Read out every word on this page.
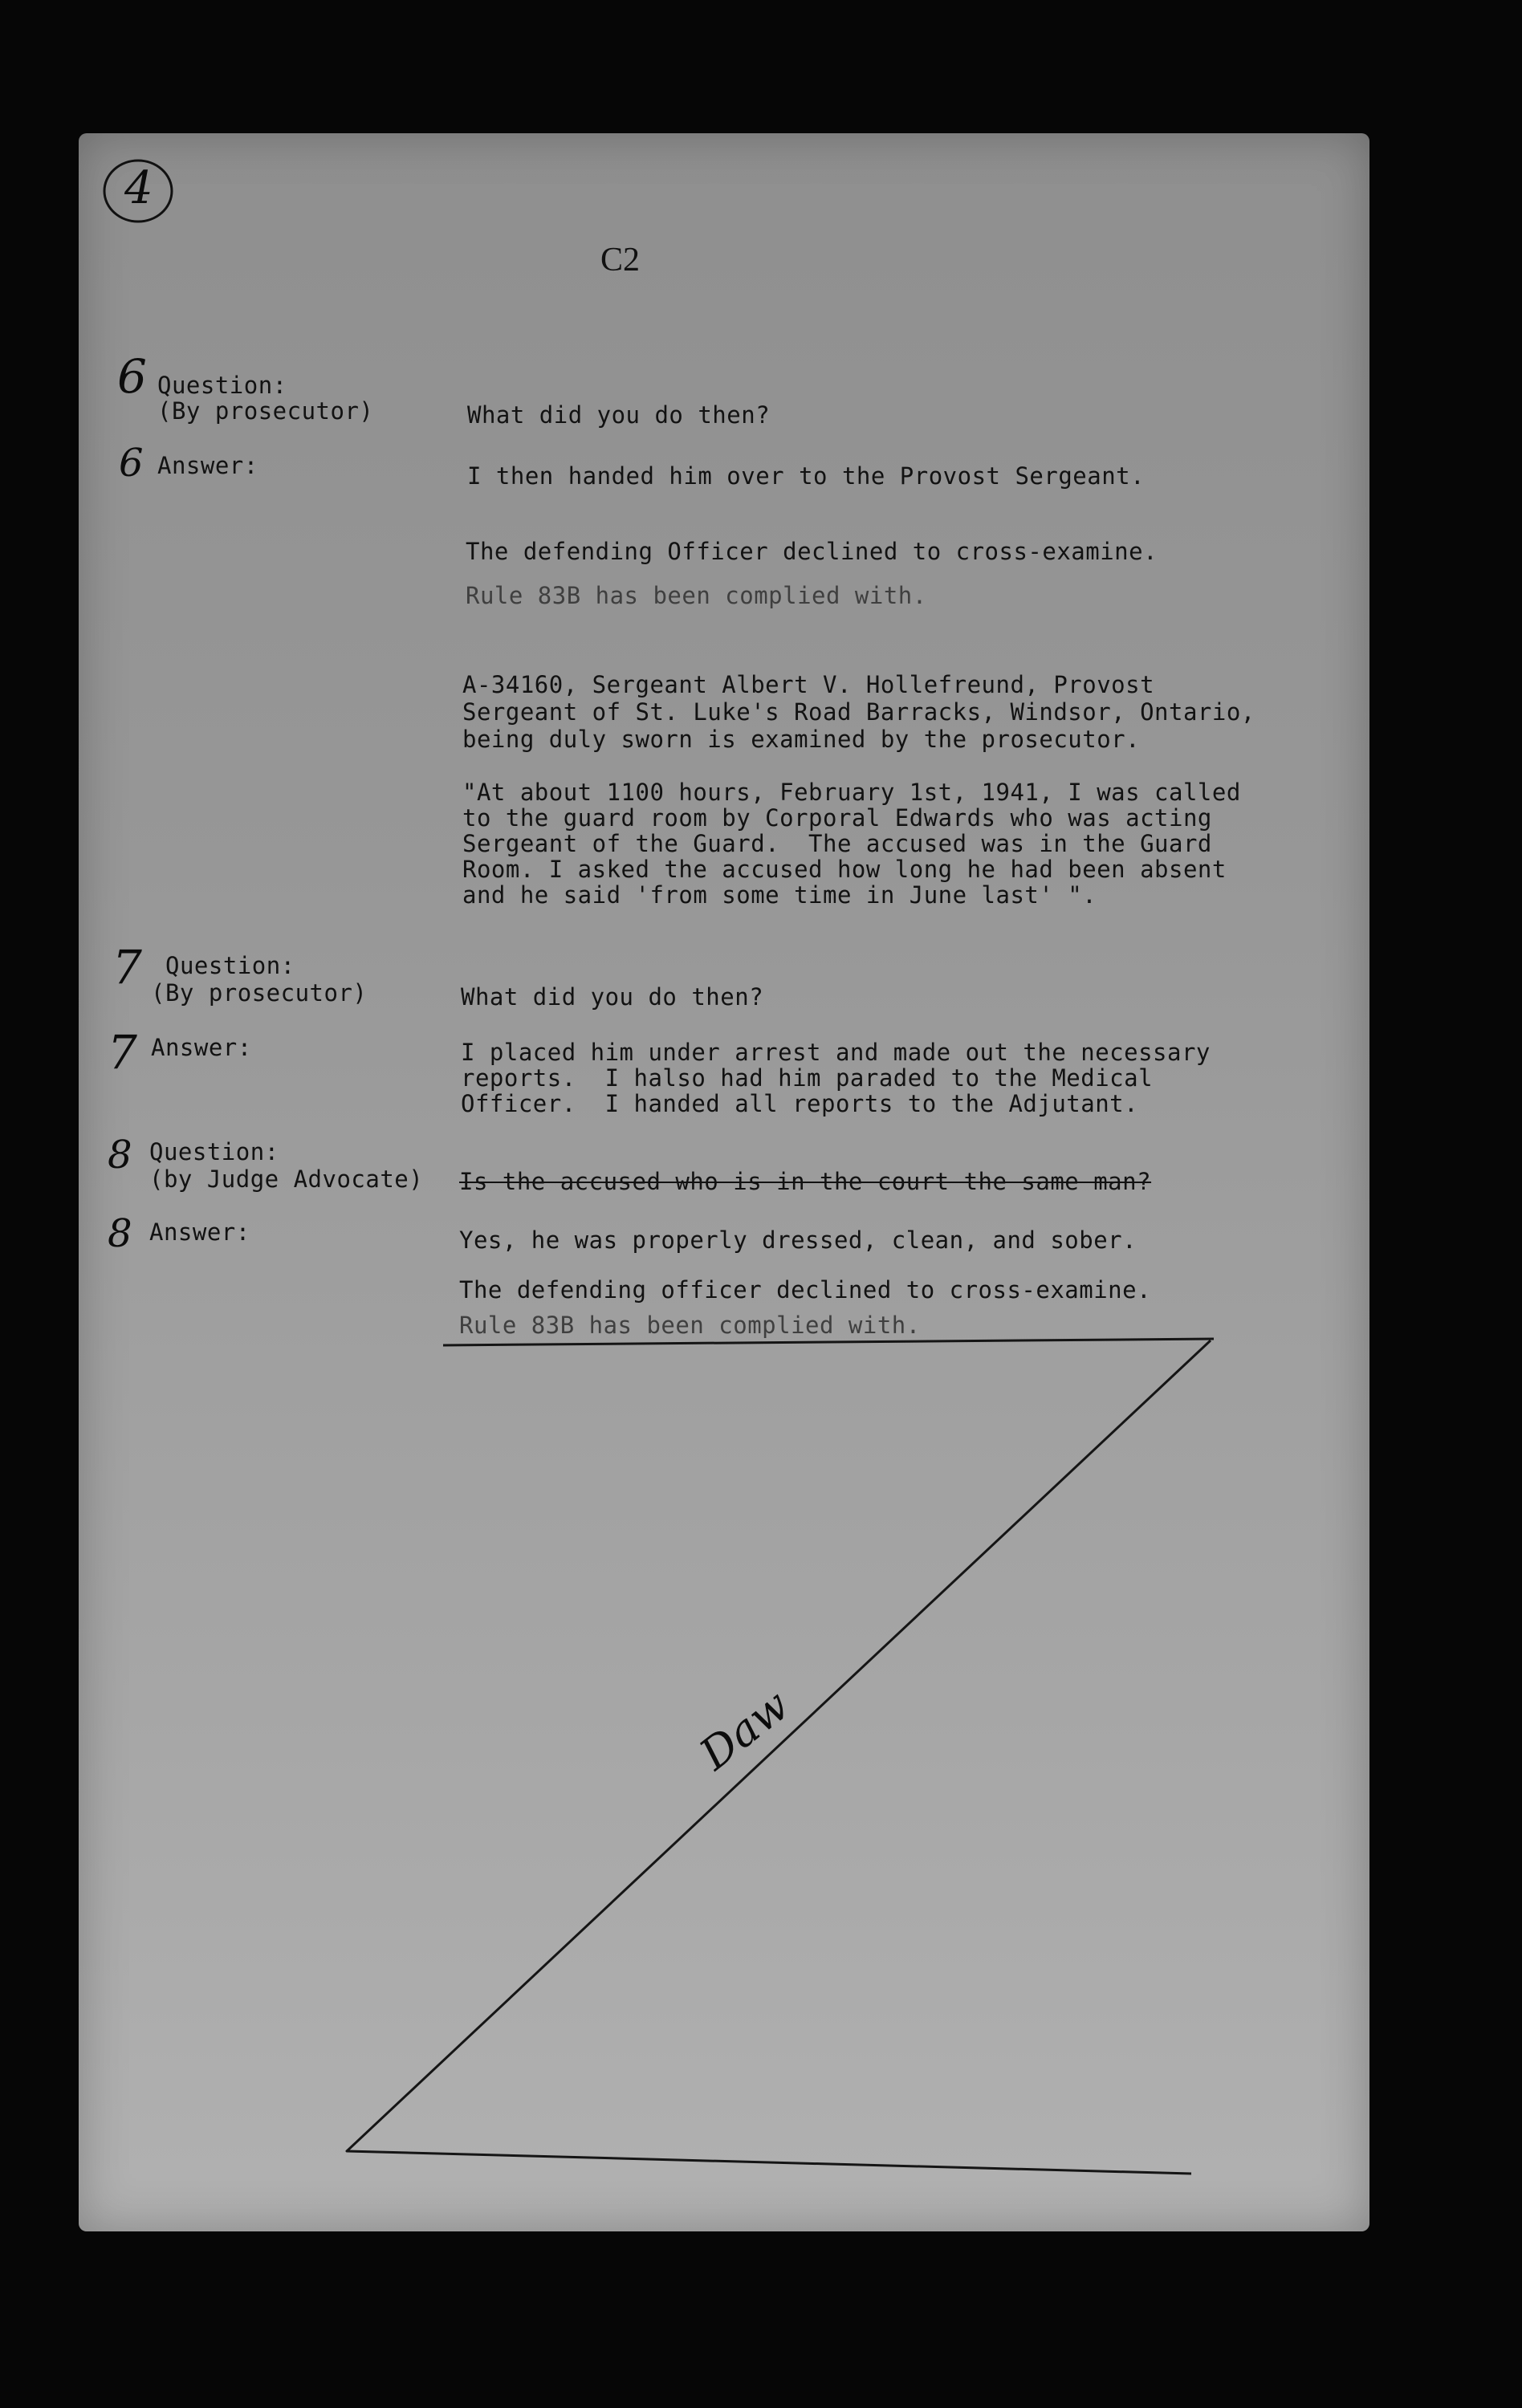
4
C2
Daw
6 Question:

(By prosecutor)	What did you do then?

6 Answer:	I then handed him over to the Provost Sergeant.

The defending Officer declined to cross-examine.

Rule 83B has been complied with.

A-34160, Sergeant Albert V. Hollefreund, Provost

Sergeant of St. Luke's Road Barracks, Windsor, Ontario,

being duly sworn is examined by the prosecutor.

"At about 1100 hours, February 1st, 1941, I was called

to the guard room by Corporal Edwards who was acting

Sergeant of the Guard.  The accused was in the Guard

Room. I asked the accused how long he had been absent

and he said 'from some time in June last' ".

7 Question:

(By prosecutor)	What did you do then?

7 Answer:	I placed him under arrest and made out the necessary

reports.  I halso had him paraded to the Medical

Officer.  I handed all reports to the Adjutant.

8 Question:

(by Judge Advocate) Is the accused who is in the court the same man?

8 Answer:	Yes, he was properly dressed, clean, and sober.

The defending officer declined to cross-examine.

Rule 83B has been complied with.
